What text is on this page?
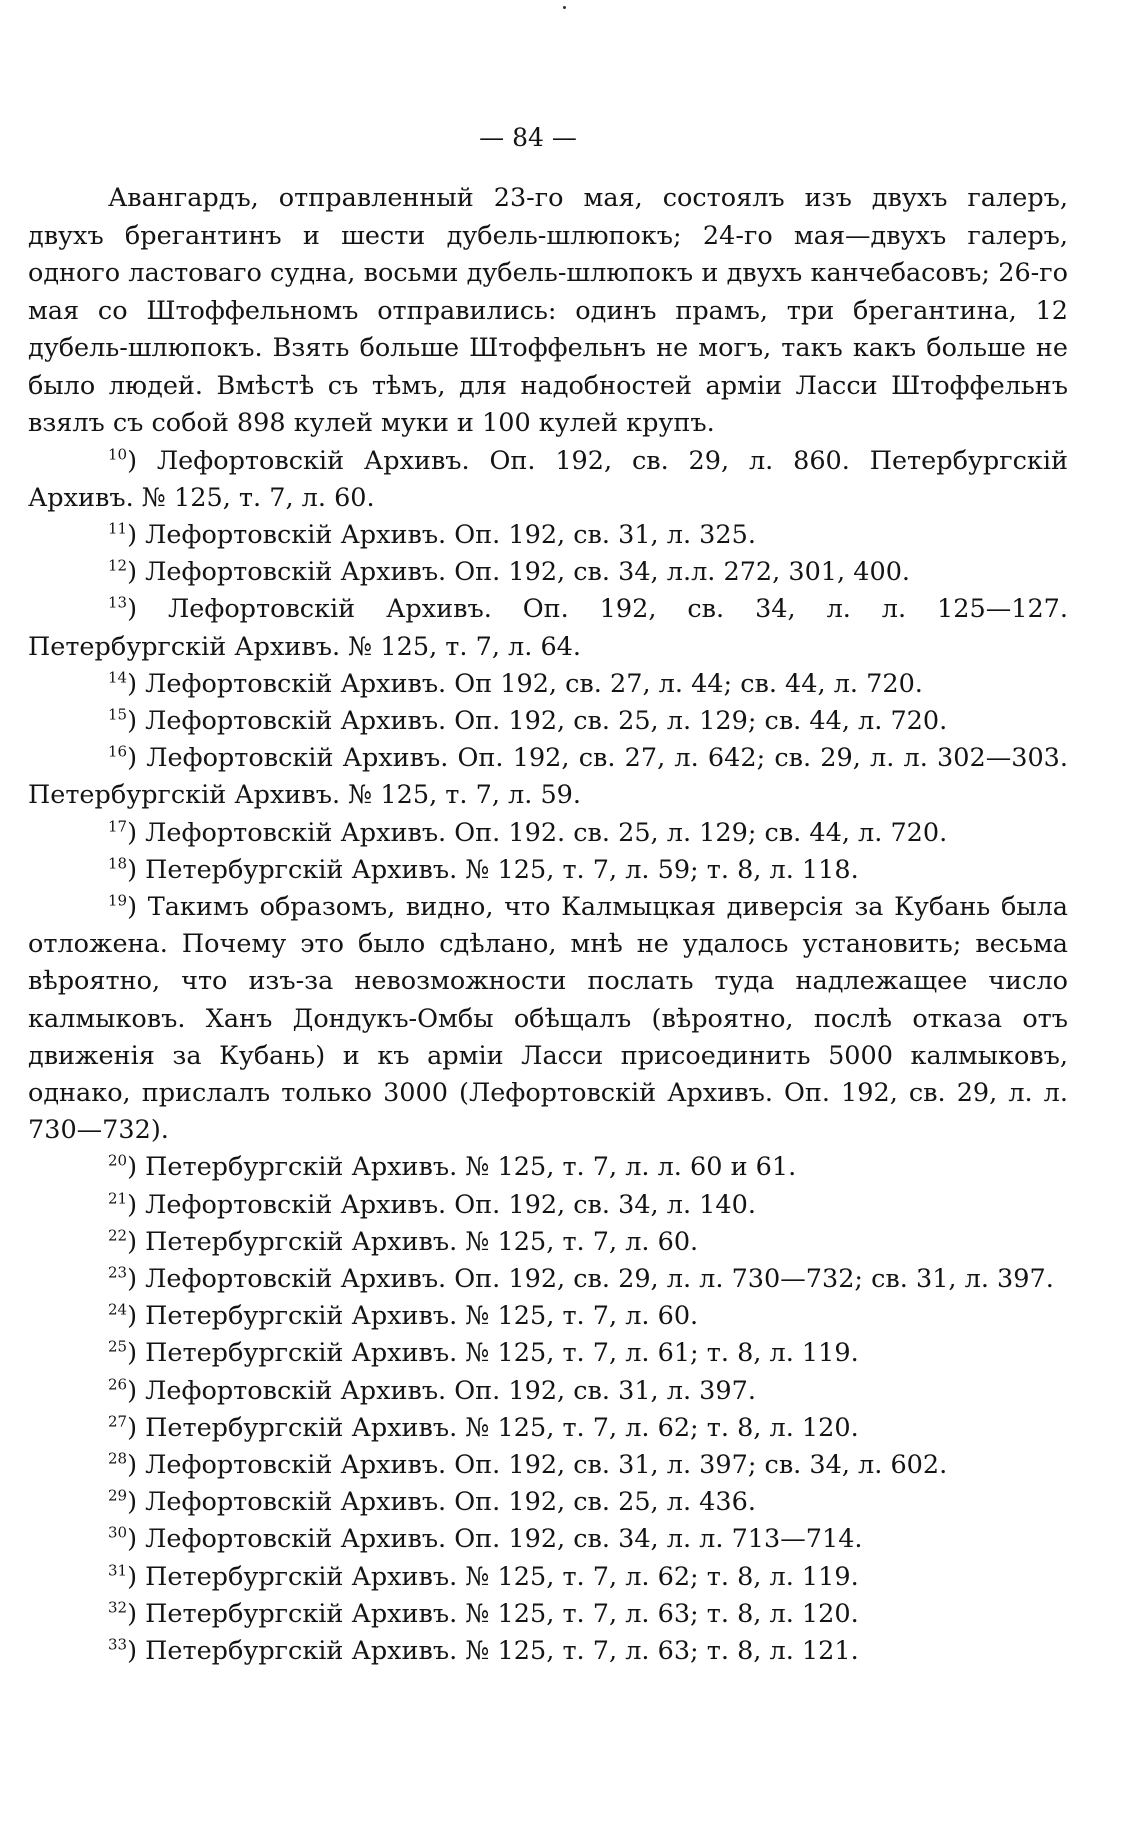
— 84 —

Авангардъ, отправленный 23-го мая, состоялъ изъ двухъ галеръ, двухъ брегантинъ и шести дубель-шлюпокъ; 24-го мая—двухъ галеръ, одного ластоваго судна, восьми дубель-шлюпокъ и двухъ канчебасовъ; 26-го мая со Штоффельномъ отправились: одинъ прамъ, три брегантина, 12 дубель-шлюпокъ. Взять больше Штоффельнъ не могъ, такъ какъ больше не было людей. Вмѣстѣ съ тѣмъ, для надобностей арміи Ласси Штоффельнъ взялъ съ собой 898 кулей муки и 100 кулей крупъ.

$^{10}$) Лефортовскій Архивъ. Оп. 192, св. 29, л. 860. Петербургскій Архивъ. № 125, т. 7, л. 60.

$^{11}$) Лефортовскій Архивъ. Оп. 192, св. 31, л. 325.

$^{12}$) Лефортовскій Архивъ. Оп. 192, св. 34, л.л. 272, 301, 400.

$^{13}$) Лефортовскій Архивъ. Оп. 192, св. 34, л. л. 125—127. Петербургскій Архивъ. № 125, т. 7, л. 64.

$^{14}$) Лефортовскій Архивъ. Оп 192, св. 27, л. 44; св. 44, л. 720.

$^{15}$) Лефортовскій Архивъ. Оп. 192, св. 25, л. 129; св. 44, л. 720.

$^{16}$) Лефортовскій Архивъ. Оп. 192, св. 27, л. 642; св. 29, л. л. 302—303. Петербургскій Архивъ. № 125, т. 7, л. 59.

$^{17}$) Лефортовскій Архивъ. Оп. 192. св. 25, л. 129; св. 44, л. 720.

$^{18}$) Петербургскій Архивъ. № 125, т. 7, л. 59; т. 8, л. 118.

$^{19}$) Такимъ образомъ, видно, что Калмыцкая диверсія за Кубань была отложена. Почему это было сдѣлано, мнѣ не удалось установить; весьма вѣроятно, что изъ-за невозможности послать туда надлежащее число калмыковъ. Ханъ Дондукъ-Омбы обѣщалъ (вѣроятно, послѣ отказа отъ движенія за Кубань) и къ арміи Ласси присоединить 5000 калмыковъ, однако, прислалъ только 3000 (Лефортовскій Архивъ. Оп. 192, св. 29, л. л. 730—732).

$^{20}$) Петербургскій Архивъ. № 125, т. 7, л. л. 60 и 61.

$^{21}$) Лефортовскій Архивъ. Оп. 192, св. 34, л. 140.

$^{22}$) Петербургскій Архивъ. № 125, т. 7, л. 60.

$^{23}$) Лефортовскій Архивъ. Оп. 192, св. 29, л. л. 730—732; св. 31, л. 397.

$^{24}$) Петербургскій Архивъ. № 125, т. 7, л. 60.

$^{25}$) Петербургскій Архивъ. № 125, т. 7, л. 61; т. 8, л. 119.

$^{26}$) Лефортовскій Архивъ. Оп. 192, св. 31, л. 397.

$^{27}$) Петербургскій Архивъ. № 125, т. 7, л. 62; т. 8, л. 120.

$^{28}$) Лефортовскій Архивъ. Оп. 192, св. 31, л. 397; св. 34, л. 602.

$^{29}$) Лефортовскій Архивъ. Оп. 192, св. 25, л. 436.

$^{30}$) Лефортовскій Архивъ. Оп. 192, св. 34, л. л. 713—714.

$^{31}$) Петербургскій Архивъ. № 125, т. 7, л. 62; т. 8, л. 119.

$^{32}$) Петербургскій Архивъ. № 125, т. 7, л. 63; т. 8, л. 120.

$^{33}$) Петербургскій Архивъ. № 125, т. 7, л. 63; т. 8, л. 121.
